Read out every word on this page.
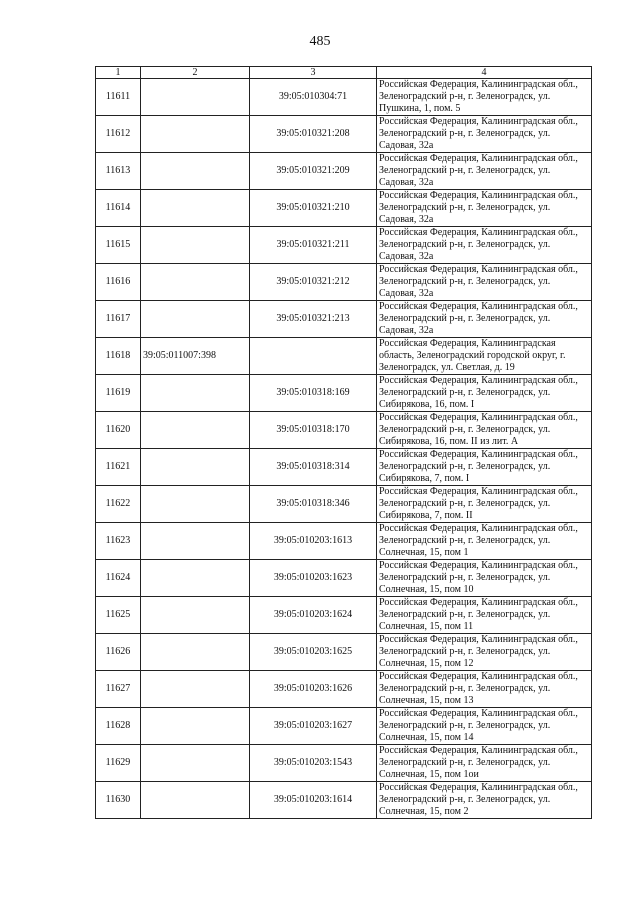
485
1	2	3	4
11611		39:05:010304:71	Российская Федерация, Калининградская обл., Зеленоградский р-н, г. Зеленоградск, ул. Пушкина, 1, пом. 5
11612		39:05:010321:208	Российская Федерация, Калининградская обл., Зеленоградский р-н, г. Зеленоградск, ул. Садовая, 32а
11613		39:05:010321:209	Российская Федерация, Калининградская обл., Зеленоградский р-н, г. Зеленоградск, ул. Садовая, 32а
11614		39:05:010321:210	Российская Федерация, Калининградская обл., Зеленоградский р-н, г. Зеленоградск, ул. Садовая, 32а
11615		39:05:010321:211	Российская Федерация, Калининградская обл., Зеленоградский р-н, г. Зеленоградск, ул. Садовая, 32а
11616		39:05:010321:212	Российская Федерация, Калининградская обл., Зеленоградский р-н, г. Зеленоградск, ул. Садовая, 32а
11617		39:05:010321:213	Российская Федерация, Калининградская обл., Зеленоградский р-н, г. Зеленоградск, ул. Садовая, 32а
11618	39:05:011007:398		Российская Федерация, Калининградская область, Зеленоградский городской округ, г. Зеленоградск, ул. Светлая, д. 19
11619		39:05:010318:169	Российская Федерация, Калининградская обл., Зеленоградский р-н, г. Зеленоградск, ул. Сибирякова, 16, пом. I
11620		39:05:010318:170	Российская Федерация, Калининградская обл., Зеленоградский р-н, г. Зеленоградск, ул. Сибирякова, 16, пом. II из лит. А
11621		39:05:010318:314	Российская Федерация, Калининградская обл., Зеленоградский р-н, г. Зеленоградск, ул. Сибирякова, 7, пом. I
11622		39:05:010318:346	Российская Федерация, Калининградская обл., Зеленоградский р-н, г. Зеленоградск, ул. Сибирякова, 7, пом. II
11623		39:05:010203:1613	Российская Федерация, Калининградская обл., Зеленоградский р-н, г. Зеленоградск, ул. Солнечная, 15, пом 1
11624		39:05:010203:1623	Российская Федерация, Калининградская обл., Зеленоградский р-н, г. Зеленоградск, ул. Солнечная, 15, пом 10
11625		39:05:010203:1624	Российская Федерация, Калининградская обл., Зеленоградский р-н, г. Зеленоградск, ул. Солнечная, 15, пом 11
11626		39:05:010203:1625	Российская Федерация, Калининградская обл., Зеленоградский р-н, г. Зеленоградск, ул. Солнечная, 15, пом 12
11627		39:05:010203:1626	Российская Федерация, Калининградская обл., Зеленоградский р-н, г. Зеленоградск, ул. Солнечная, 15, пом 13
11628		39:05:010203:1627	Российская Федерация, Калининградская обл., Зеленоградский р-н, г. Зеленоградск, ул. Солнечная, 15, пом 14
11629		39:05:010203:1543	Российская Федерация, Калининградская обл., Зеленоградский р-н, г. Зеленоградск, ул. Солнечная, 15, пом 1ои
11630		39:05:010203:1614	Российская Федерация, Калининградская обл., Зеленоградский р-н, г. Зеленоградск, ул. Солнечная, 15, пом 2
